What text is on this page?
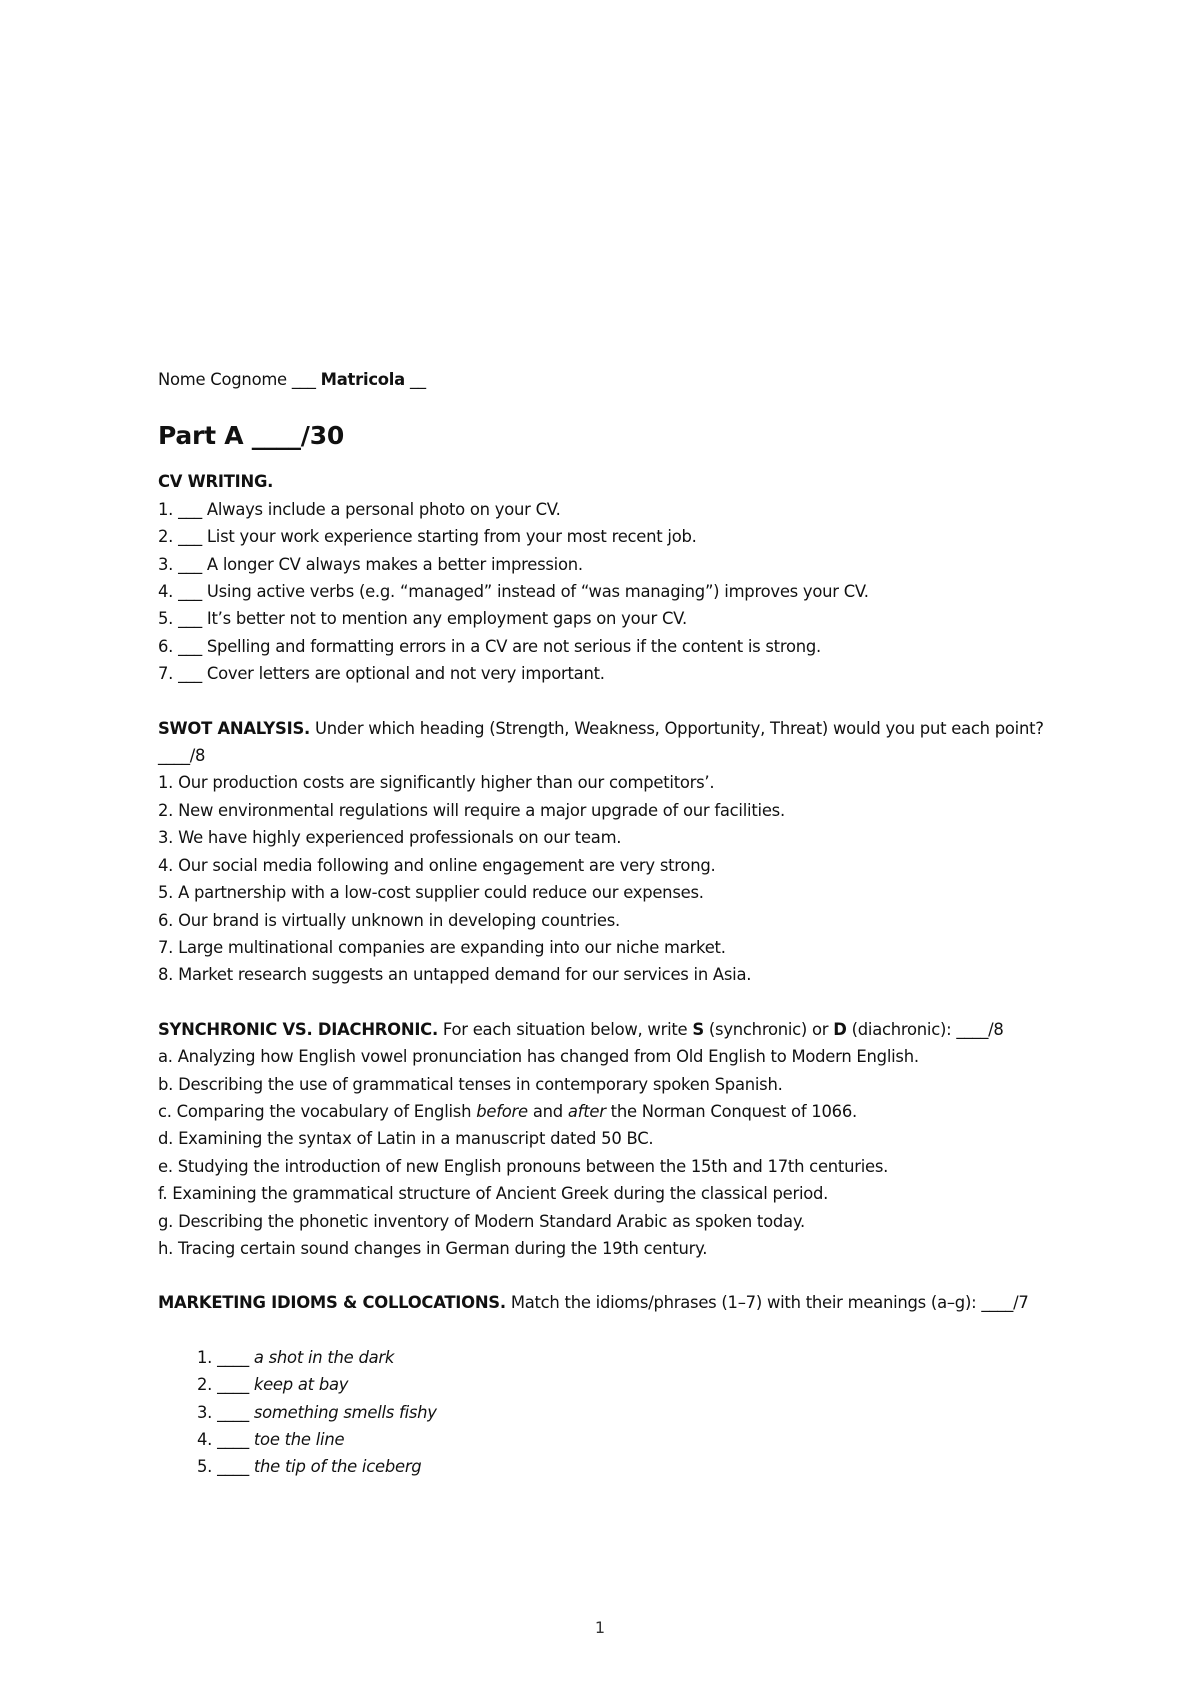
Nome Cognome ___ Matricola __

Part A ____/30

CV WRITING.

1. ___ Always include a personal photo on your CV.

2. ___ List your work experience starting from your most recent job.

3. ___ A longer CV always makes a better impression.

4. ___ Using active verbs (e.g. “managed” instead of “was managing”) improves your CV.

5. ___ It’s better not to mention any employment gaps on your CV.

6. ___ Spelling and formatting errors in a CV are not serious if the content is strong.

7. ___ Cover letters are optional and not very important.

SWOT ANALYSIS. Under which heading (Strength, Weakness, Opportunity, Threat) would you put each point? ____/8

1. Our production costs are significantly higher than our competitors’.

2. New environmental regulations will require a major upgrade of our facilities.

3. We have highly experienced professionals on our team.

4. Our social media following and online engagement are very strong.

5. A partnership with a low-cost supplier could reduce our expenses.

6. Our brand is virtually unknown in developing countries.

7. Large multinational companies are expanding into our niche market.

8. Market research suggests an untapped demand for our services in Asia.

SYNCHRONIC VS. DIACHRONIC. For each situation below, write S (synchronic) or D (diachronic): ____/8

a. Analyzing how English vowel pronunciation has changed from Old English to Modern English.

b. Describing the use of grammatical tenses in contemporary spoken Spanish.

c. Comparing the vocabulary of English before and after the Norman Conquest of 1066.

d. Examining the syntax of Latin in a manuscript dated 50 BC.

e. Studying the introduction of new English pronouns between the 15th and 17th centuries.

f. Examining the grammatical structure of Ancient Greek during the classical period.

g. Describing the phonetic inventory of Modern Standard Arabic as spoken today.

h. Tracing certain sound changes in German during the 19th century.

MARKETING IDIOMS & COLLOCATIONS. Match the idioms/phrases (1–7) with their meanings (a–g): ____/7

1. ____ a shot in the dark

2. ____ keep at bay

3. ____ something smells fishy

4. ____ toe the line

5. ____ the tip of the iceberg

1
